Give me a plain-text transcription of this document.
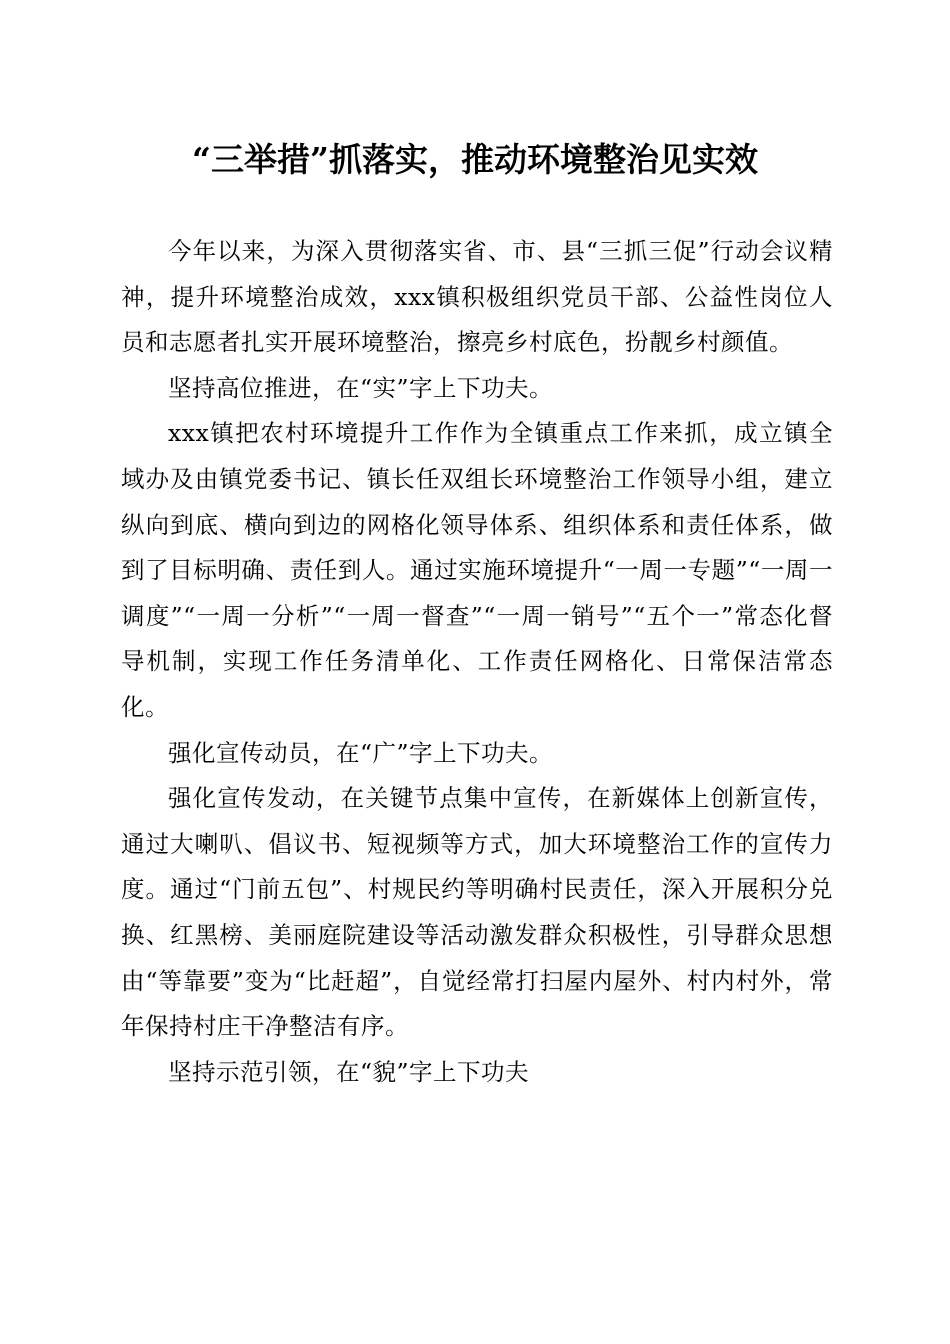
“三举措”抓落实，推动环境整治见实效

今年以来，为深入贯彻落实省、市、县“三抓三促”行动会议精神，提升环境整治成效，xxx镇积极组织党员干部、公益性岗位人员和志愿者扎实开展环境整治，擦亮乡村底色，扮靓乡村颜值。

坚持高位推进，在“实”字上下功夫。

xxx镇把农村环境提升工作作为全镇重点工作来抓，成立镇全域办及由镇党委书记、镇长任双组长环境整治工作领导小组，建立纵向到底、横向到边的网格化领导体系、组织体系和责任体系，做到了目标明确、责任到人。通过实施环境提升“一周一专题”“一周一调度”“一周一分析”“一周一督查”“一周一销号”“五个一”常态化督导机制，实现工作任务清单化、工作责任网格化、日常保洁常态化。

强化宣传动员，在“广”字上下功夫。

强化宣传发动，在关键节点集中宣传，在新媒体上创新宣传，通过大喇叭、倡议书、短视频等方式，加大环境整治工作的宣传力度。通过“门前五包”、村规民约等明确村民责任，深入开展积分兑换、红黑榜、美丽庭院建设等活动激发群众积极性，引导群众思想由“等靠要”变为“比赶超”，自觉经常打扫屋内屋外、村内村外，常年保持村庄干净整洁有序。

坚持示范引领，在“貌”字上下功夫
